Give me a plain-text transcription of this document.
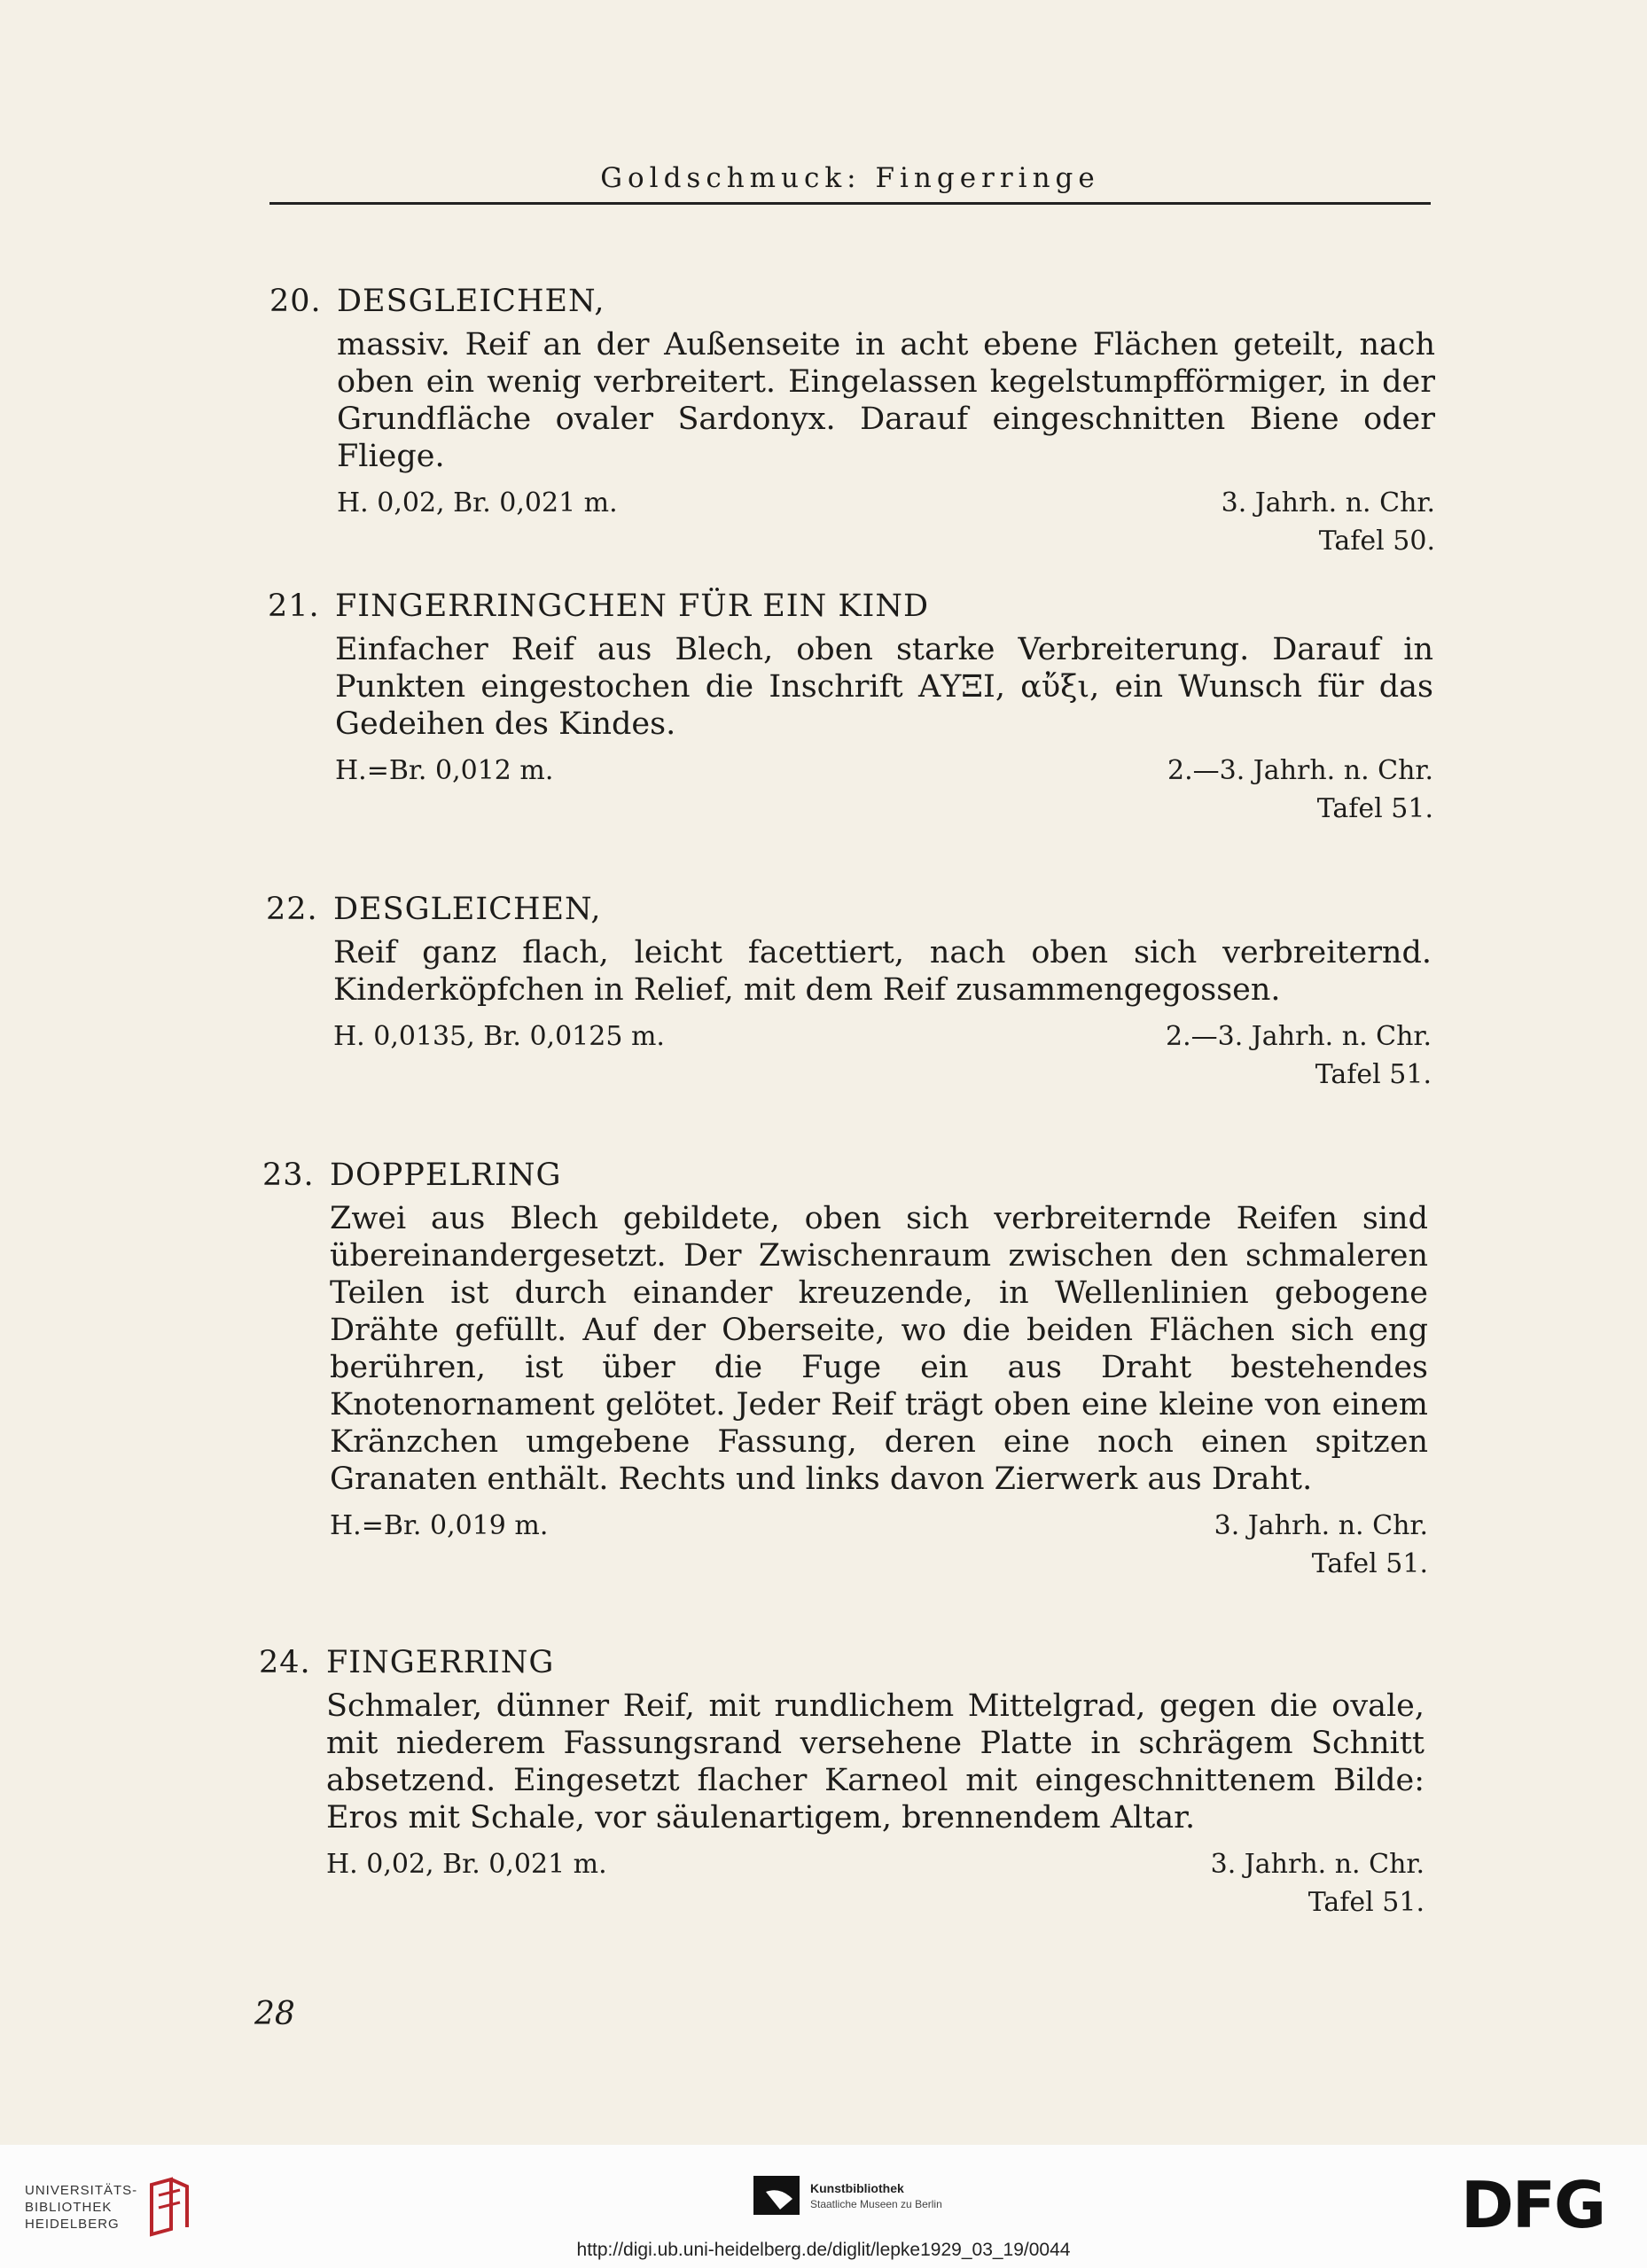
Goldschmuck: Fingerringe
20. DESGLEICHEN,
massiv. Reif an der Außenseite in acht ebene Flächen geteilt, nach oben ein wenig verbreitert. Eingelassen kegelstumpfförmiger, in der Grundfläche ovaler Sardonyx. Darauf eingeschnitten Biene oder Fliege.
H. 0,02, Br. 0,021 m.	3. Jahrh. n. Chr.
Tafel 50.
21. FINGERRINGCHEN FÜR EIN KIND
Einfacher Reif aus Blech, oben starke Verbreiterung. Darauf in Punkten eingestochen die Inschrift ΑΥΞΙ, αὔξι, ein Wunsch für das Gedeihen des Kindes.
H.=Br. 0,012 m.	2.—3. Jahrh. n. Chr.
Tafel 51.
22. DESGLEICHEN,
Reif ganz flach, leicht facettiert, nach oben sich verbreiternd. Kinderköpfchen in Relief, mit dem Reif zusammengegossen.
H. 0,0135, Br. 0,0125 m.	2.—3. Jahrh. n. Chr.
Tafel 51.
23. DOPPELRING
Zwei aus Blech gebildete, oben sich verbreiternde Reifen sind übereinandergesetzt. Der Zwischenraum zwischen den schmaleren Teilen ist durch einander kreuzende, in Wellenlinien gebogene Drähte gefüllt. Auf der Oberseite, wo die beiden Flächen sich eng berühren, ist über die Fuge ein aus Draht bestehendes Knotenornament gelötet. Jeder Reif trägt oben eine kleine von einem Kränzchen umgebene Fassung, deren eine noch einen spitzen Granaten enthält. Rechts und links davon Zierwerk aus Draht.
H.=Br. 0,019 m.	3. Jahrh. n. Chr.
Tafel 51.
24. FINGERRING
Schmaler, dünner Reif, mit rundlichem Mittelgrad, gegen die ovale, mit niederem Fassungsrand versehene Platte in schrägem Schnitt absetzend. Eingesetzt flacher Karneol mit eingeschnittenem Bilde: Eros mit Schale, vor säulenartigem, brennendem Altar.
H. 0,02, Br. 0,021 m.	3. Jahrh. n. Chr.
Tafel 51.
28
UNIVERSITÄTS-
BIBLIOTHEK
HEIDELBERG
Kunstbibliothek
Staatliche Museen zu Berlin	DFG
http://digi.ub.uni-heidelberg.de/diglit/lepke1929_03_19/0044
